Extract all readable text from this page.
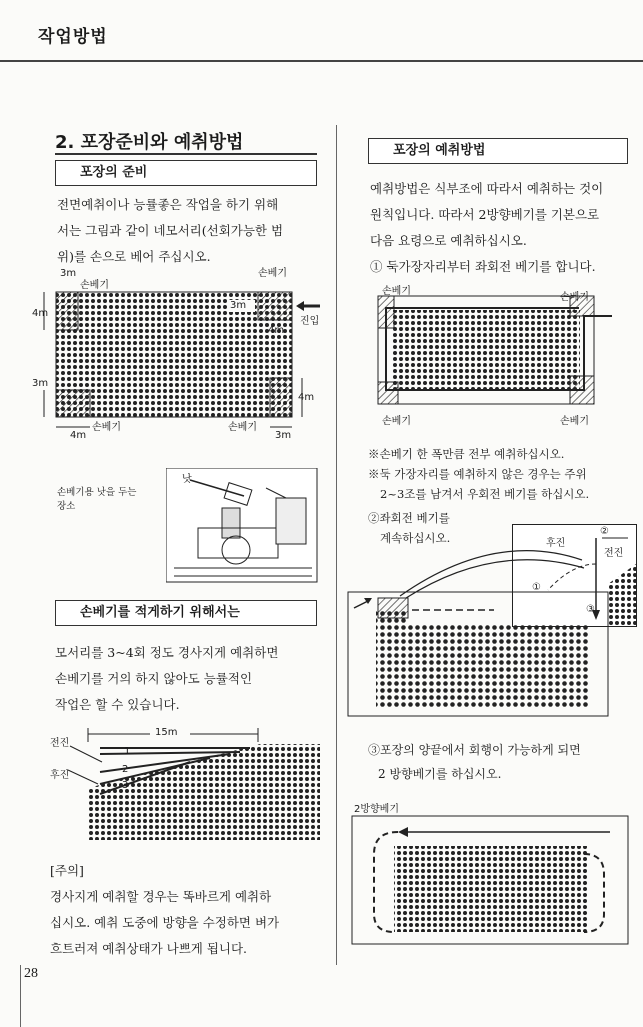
작업방법
2. 포장준비와 예취방법
포장의 준비
전면예취이나 능률좋은 작업을 하기 위해
서는 그림과 같이 네모서리(선회가능한 범
위)를 손으로 베어 주십시오.
3m
손베기
손베기
4m
3m
4m
진입
3m
4m
4m
손베기	손베기
3m
손베기용 낫을 두는
장소
낫
손베기를 적게하기 위해서는
모서리를 3~4회 정도 경사지게 예취하면
손베기를 거의 하지 않아도 능률적인
작업은 할 수 있습니다.
15m
전진
후진
1
2
3
[주의]
경사지게 예취할 경우는 똑바르게 예취하
십시오. 예취 도중에 방향을 수정하면 벼가
흐트러져 예취상태가 나쁘게 됩니다.
28
포장의 예취방법
예취방법은 식부조에 따라서 예취하는 것이
원칙입니다. 따라서 2방향베기를 기본으로
다음 요령으로 예취하십시오.
① 둑가장자리부터 좌회전 베기를 합니다.
손베기
손베기
손베기	손베기
※손베기 한 폭만큼 전부 예취하십시오.
※둑 가장자리를 예취하지 않은 경우는 주위
2~3조를 남겨서 우회전 베기를 하십시오.
②좌회전 베기를
계속하십시오.	후진
전진
②
①
③
③포장의 양끝에서 회행이 가능하게 되면
2 방향베기를 하십시오.
2방향베기
